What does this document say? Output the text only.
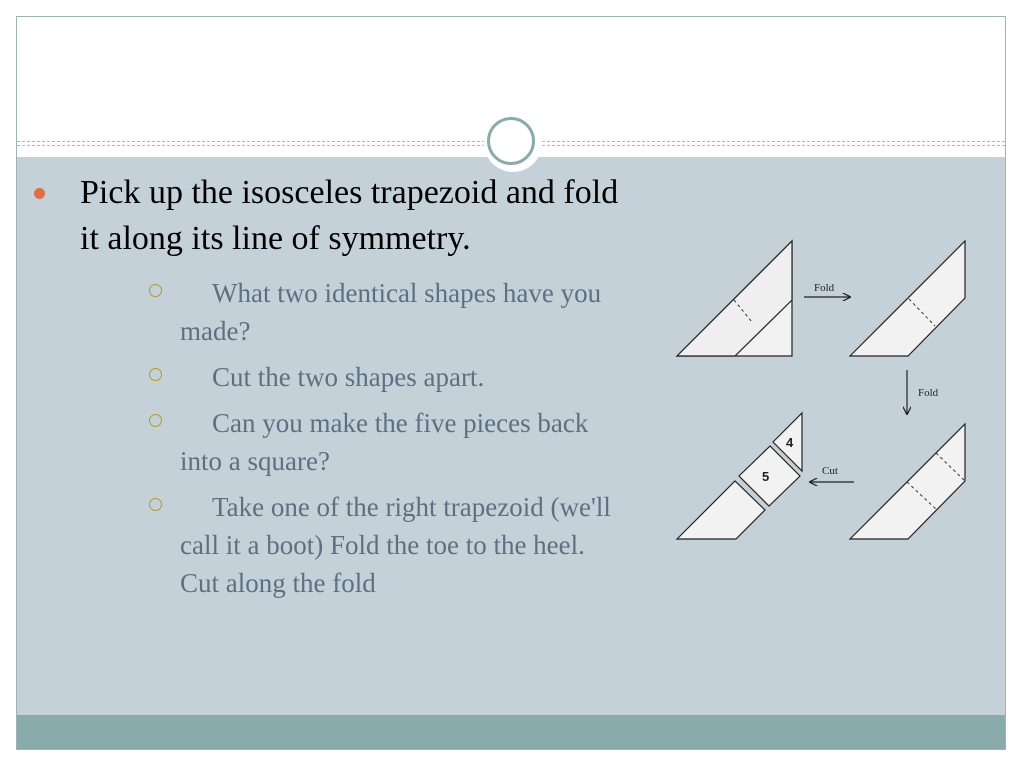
Pick up the isosceles trapezoid and fold it along its line of symmetry.
What two identical shapes have you made?
Cut the two shapes apart.
Can you make the five pieces back into a square?
Take one of the right trapezoid (we'll call it a boot) Fold the toe to the heel. Cut along the fold
Fold
Fold
Cut
5
4
